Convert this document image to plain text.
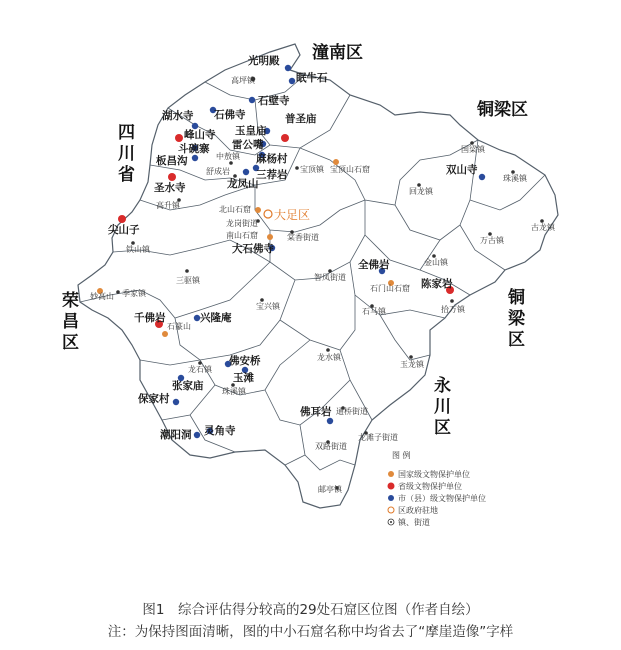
潼南区
铜梁区
四
川
省
荣
昌
区
铜
梁
区
永
川
区
大足区
高坪镇
中敖镇
舒成岩	宝顶镇
高升镇
铁山镇
龙岗街道
棠香街道
智凤街道
三驱镇
季家镇
宝兴镇
龙水镇
龙石镇
珠溪镇
石马镇
国梁镇
回龙镇
珠溪镇
万古镇
古龙镇
金山镇
拾万镇
玉龙镇
通桥街道
双路街道
龙滩子街道
邮亭镇
宝顶山石窟
北山石窟
南山石窟
妙高山
石篆山
石门山石窟
普圣庙
峰山寺
圣水寺
尖山子
陈家岩
千佛岩
光明殿
眠牛石
石壁寺
湖水寺 石佛寺
玉皇庙
斗碗寨 雷公嘴
板昌沟	麻杨村
三荐岩
龙凤山
大石佛寺
全佛岩
双山寺
兴隆庵
佛安桥
玉滩
张家庙
保家村
潮阳洞 灵角寺
佛耳岩
图 例
国家级文物保护单位
省级文物保护单位
市（县）级文物保护单位
区政府驻地
镇、街道
图1　综合评估得分较高的29处石窟区位图（作者自绘）
注：为保持图面清晰，图的中小石窟名称中均省去了“摩崖造像”字样
